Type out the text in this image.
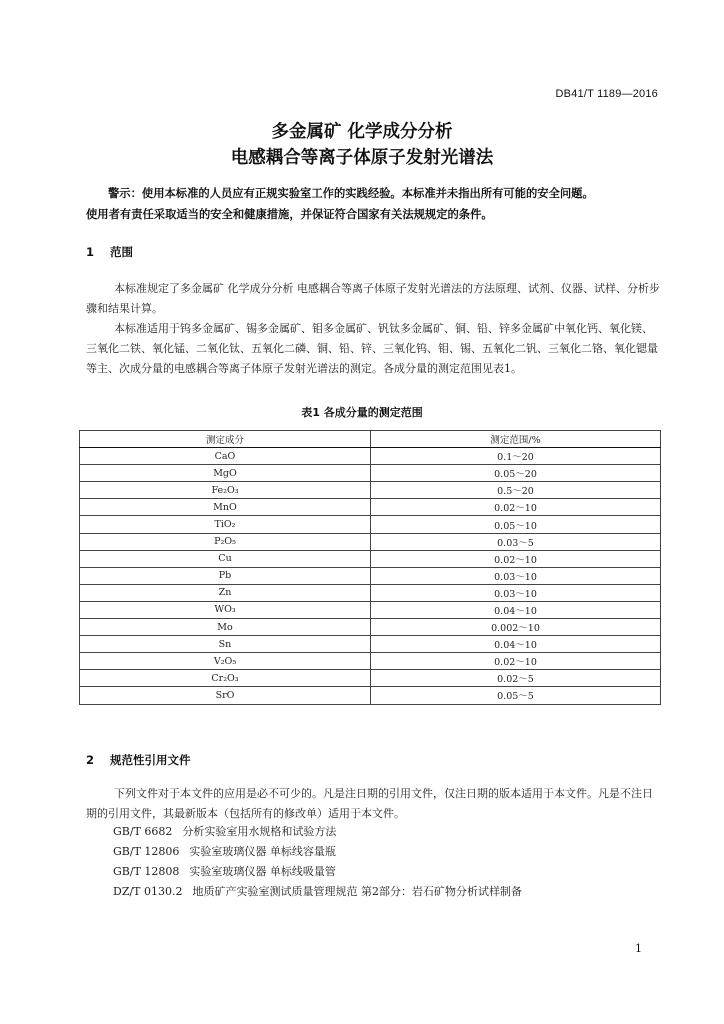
DB41/T 1189—2016
多金属矿 化学成分分析
电感耦合等离子体原子发射光谱法
警示：使用本标准的人员应有正规实验室工作的实践经验。本标准并未指出所有可能的安全问题。
使用者有责任采取适当的安全和健康措施，并保证符合国家有关法规规定的条件。
1 范围
本标准规定了多金属矿 化学成分分析 电感耦合等离子体原子发射光谱法的方法原理、试剂、仪器、试样、分析步骤和结果计算。
本标准适用于钨多金属矿、锡多金属矿、钼多金属矿、钒钛多金属矿、铜、铅、锌多金属矿中氧化钙、氧化镁、三氧化二铁、氧化锰、二氧化钛、五氧化二磷、铜、铅、锌、三氧化钨、钼、锡、五氧化二钒、三氧化二铬、氧化锶量等主、次成分量的电感耦合等离子体原子发射光谱法的测定。各成分量的测定范围见表1。
表1 各成分量的测定范围
测定成分	测定范围/%
CaO	0.1～20
MgO	0.05～20
Fe₂O₃	0.5～20
MnO	0.02～10
TiO₂	0.05～10
P₂O₅	0.03～5
Cu	0.02～10
Pb	0.03～10
Zn	0.03～10
WO₃	0.04～10
Mo	0.002～10
Sn	0.04～10
V₂O₅	0.02～10
Cr₂O₃	0.02～5
SrO	0.05～5
2 规范性引用文件
下列文件对于本文件的应用是必不可少的。凡是注日期的引用文件，仅注日期的版本适用于本文件。凡是不注日期的引用文件，其最新版本（包括所有的修改单）适用于本文件。
GB/T 6682 分析实验室用水规格和试验方法
GB/T 12806 实验室玻璃仪器 单标线容量瓶
GB/T 12808 实验室玻璃仪器 单标线吸量管
DZ/T 0130.2 地质矿产实验室测试质量管理规范 第2部分：岩石矿物分析试样制备
1
